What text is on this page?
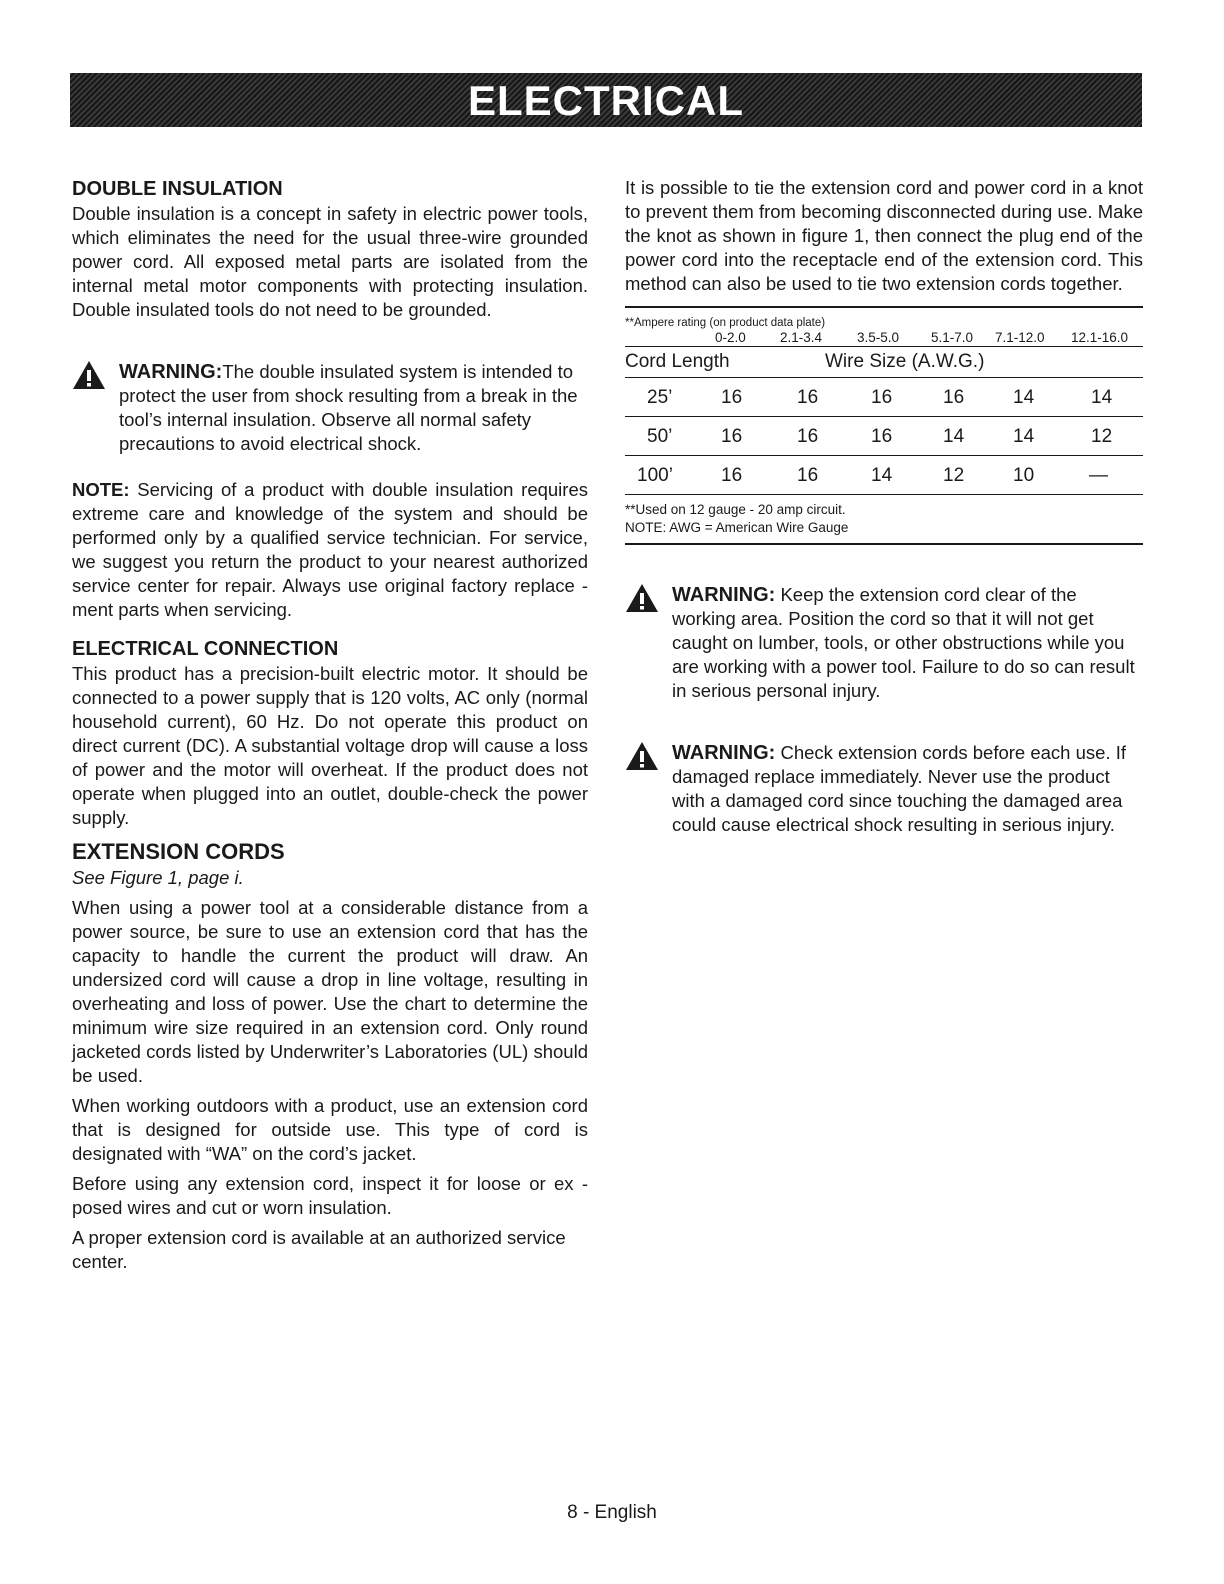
ELECTRICAL
DOUBLE INSULATION

Double insulation is a concept in safety in electric power tools, which eliminates the need for the usual three-wire grounded power cord. All exposed metal parts are isolated from the internal metal motor components with protecting insulation. Double insulated tools do not need to be grounded.

WARNING:The double insulated system is intended to protect the user from shock resulting from a break in the tool’s internal insulation. Observe all normal safety precautions to avoid electrical shock.

NOTE: Servicing of a product with double insulation requires extreme care and knowledge of the system and should be performed only by a qualified service technician. For service, we suggest you return the product to your nearest authorized service center for repair. Always use original factory replace - ment parts when servicing.

ELECTRICAL CONNECTION

This product has a precision-built electric motor. It should be connected to a power supply that is 120 volts, AC only (normal household current), 60 Hz. Do not operate this product on direct current (DC). A substantial voltage drop will cause a loss of power and the motor will overheat. If the product does not operate when plugged into an outlet, double-check the power supply.

EXTENSION CORDS

See Figure 1, page i.

When using a power tool at a considerable distance from a power source, be sure to use an extension cord that has the capacity to handle the current the product will draw. An undersized cord will cause a drop in line voltage, resulting in overheating and loss of power. Use the chart to determine the minimum wire size required in an extension cord. Only round jacketed cords listed by Underwriter’s Laboratories (UL) should be used.

When working outdoors with a product, use an extension cord that is designed for outside use. This type of cord is designated with “WA” on the cord’s jacket.

Before using any extension cord, inspect it for loose or ex - posed wires and cut or worn insulation.

A proper extension cord is available at an authorized service center.

It is possible to tie the extension cord and power cord in a knot to prevent them from becoming disconnected during use. Make the knot as shown in figure 1, then connect the plug end of the power cord into the receptacle end of the extension cord. This method can also be used to tie two extension cords together.

**Ampere rating (on product data plate)
0-2.0	2.1-3.4	3.5-5.0 5.1-7.0 7.1-12.0 12.1-16.0
Cord Length	Wire Size (A.W.G.)
25’	16	16	16	16	14	14
50’	16	16	16	14	14	12
100’	16	16	14	12	10	—
**Used on 12 gauge - 20 amp circuit.
NOTE: AWG = American Wire Gauge

WARNING: Keep the extension cord clear of the working area. Position the cord so that it will not get caught on lumber, tools, or other obstructions while you are working with a power tool. Failure to do so can result in serious personal injury.

WARNING: Check extension cords before each use. If damaged replace immediately. Never use the product with a damaged cord since touching the damaged area could cause electrical shock resulting in serious injury.

8 - English
